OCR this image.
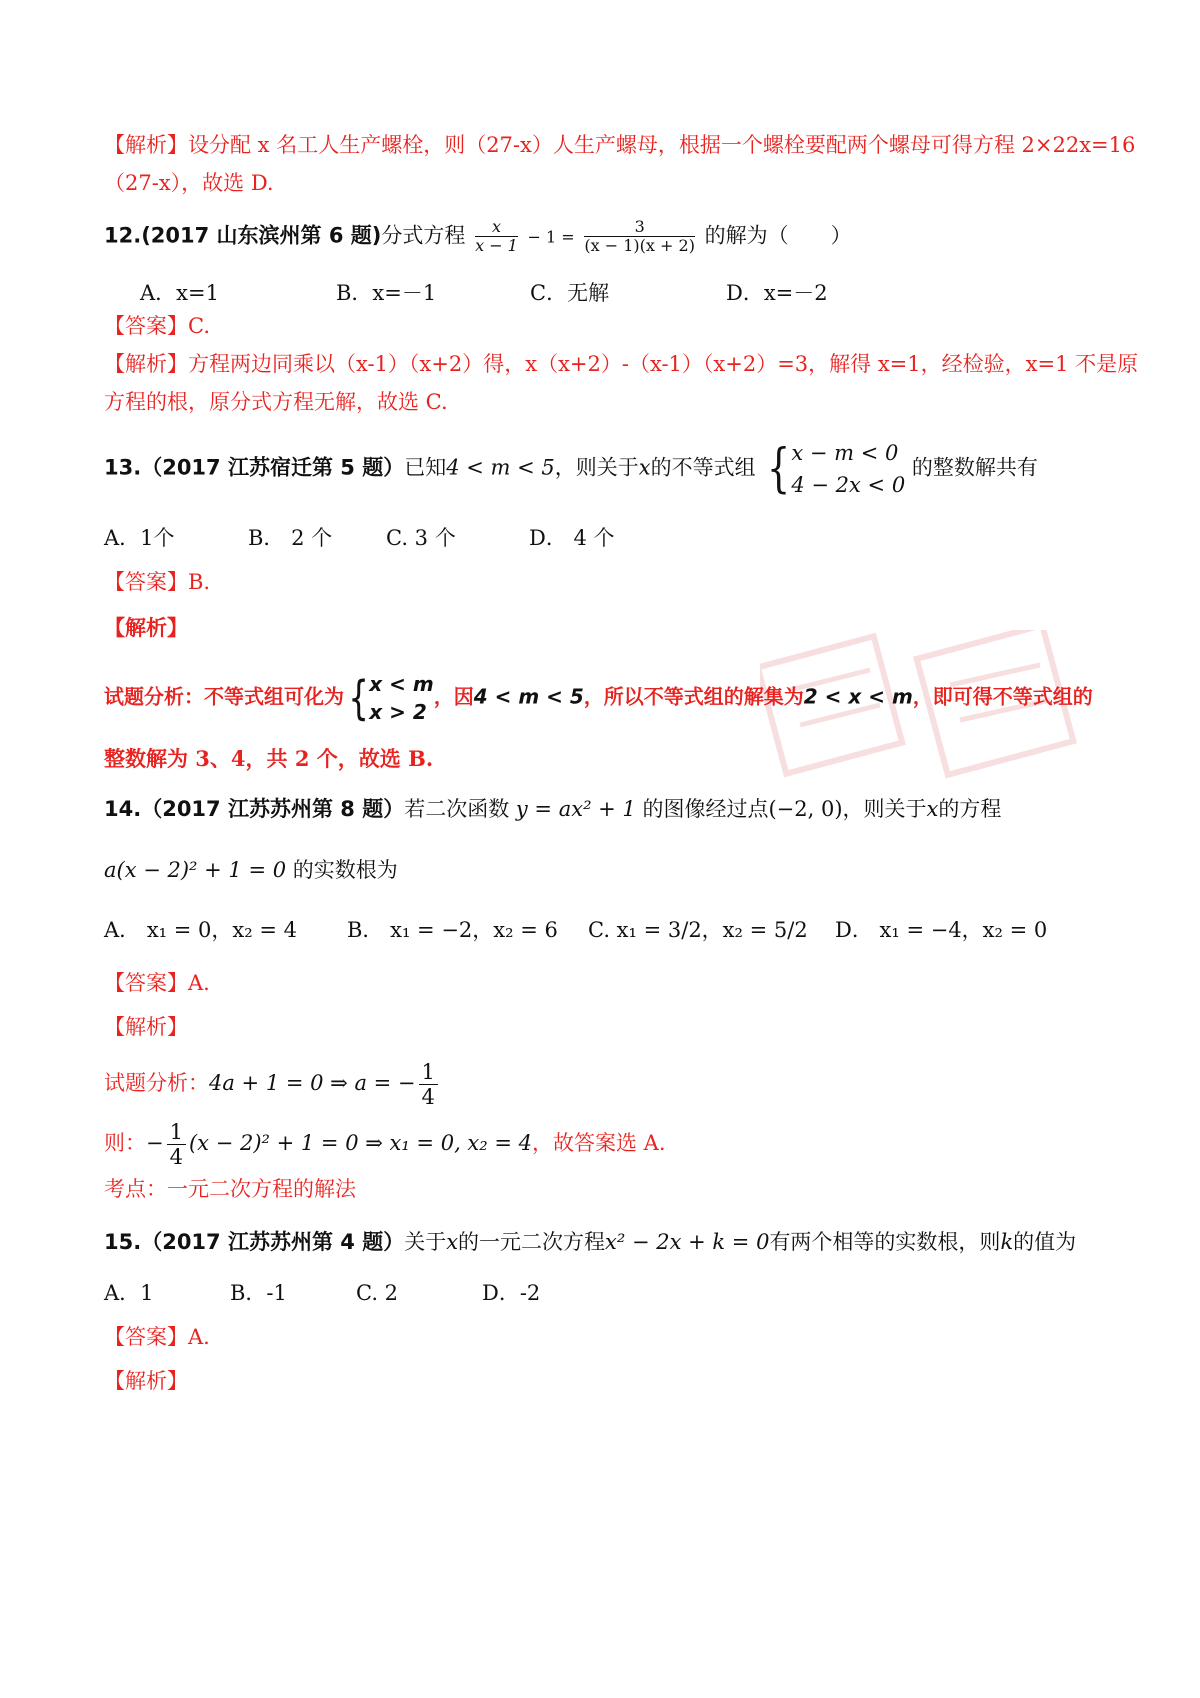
【解析】设分配 x 名工人生产螺栓，则（27-x）人生产螺母，根据一个螺栓要配两个螺母可得方程 2×22x=16
（27-x），故选 D.
12.(2017 山东滨州第 6 题)分式方程 $\frac{x}{x - 1} - 1 = \frac{3}{(x - 1)(x + 2)}$ 的解为（　　）
A．x=1	B．x=－1	C．无解	D．x=－2
【答案】C.
【解析】方程两边同乘以（x-1）（x+2）得，x（x+2）-（x-1）（x+2）=3，解得 x=1，经检验，x=1 不是原
方程的根，原分式方程无解，故选 C.
13.（2017 江苏宿迁第 5 题）已知4 < m < 5，则关于x的不等式组 { x − m < 0
4 − 2x < 0
的整数解共有
A．1个	B． 2 个	C. 3 个	D． 4 个
【答案】B.
【解析】
试题分析：不等式组可化为{ x < m
x > 2
，因4 < m < 5，所以不等式组的解集为2 < x < m，即可得不等式组的
整数解为 3、4，共 2 个，故选 B.
14.（2017 江苏苏州第 8 题）若二次函数 y = ax² + 1 的图像经过点(−2, 0)，则关于x的方程
a(x − 2)² + 1 = 0 的实数根为
A． x₁ = 0，x₂ = 4 B． x₁ = −2，x₂ = 6 C. x₁ = 3/2，x₂ = 5/2 D． x₁ = −4，x₂ = 0
【答案】A.
【解析】
试题分析：4a + 1 = 0 ⇒ a = − $\frac{1}{4}$
则：− $\frac{1}{4} (x - 2)^2 + 1 = 0$ ⇒ x₁ = 0, x₂ = 4，故答案选 A.
考点：一元二次方程的解法
15.（2017 江苏苏州第 4 题）关于x的一元二次方程x² − 2x + k = 0有两个相等的实数根，则k的值为
A．1	B．-1	C. 2	D．-2
【答案】A.
【解析】
